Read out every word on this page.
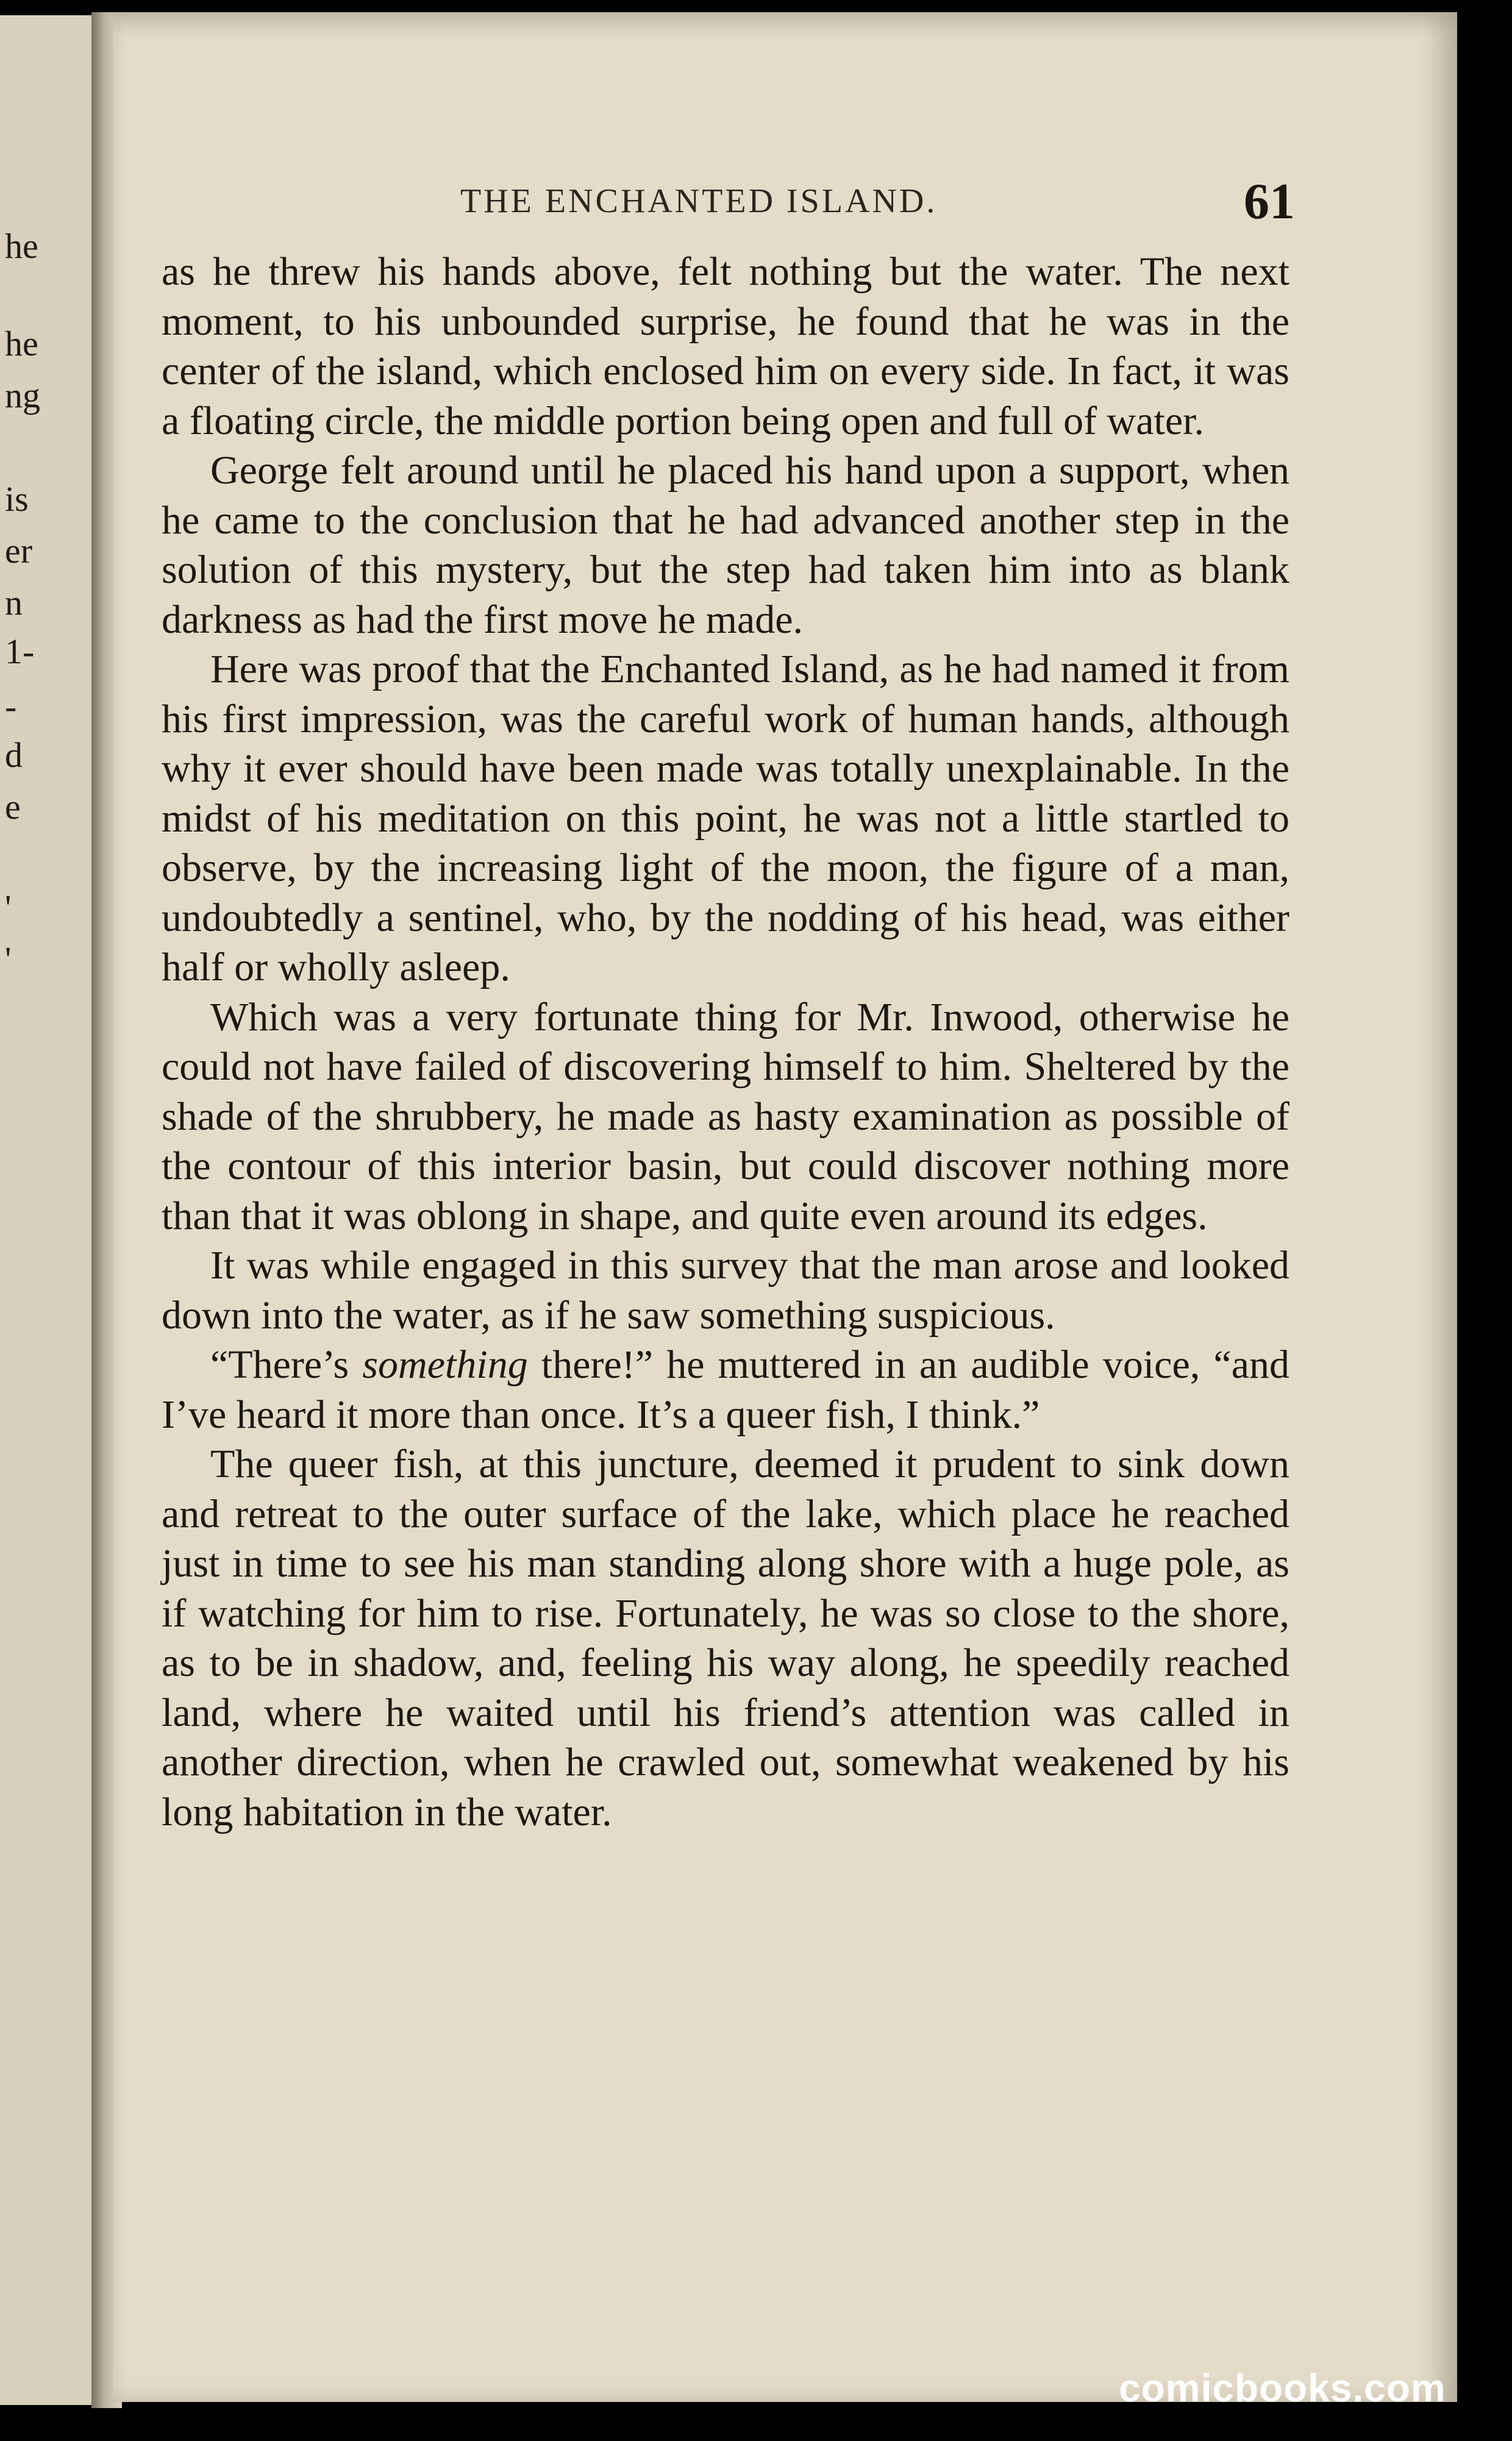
he
he
ng
is
er
n
1-
-
d
e
'
'
THE ENCHANTED ISLAND.	61

as he threw his hands above, felt nothing but the water. The next moment, to his unbounded surprise, he found that he was in the center of the island, which enclosed him on every side. In fact, it was a floating circle, the middle portion being open and full of water.

George felt around until he placed his hand upon a support, when he came to the conclusion that he had advanced another step in the solution of this mystery, but the step had taken him into as blank darkness as had the first move he made.

Here was proof that the Enchanted Island, as he had named it from his first impression, was the careful work of human hands, although why it ever should have been made was totally unexplainable. In the midst of his meditation on this point, he was not a little startled to observe, by the increasing light of the moon, the figure of a man, undoubtedly a sentinel, who, by the nodding of his head, was either half or wholly asleep.

Which was a very fortunate thing for Mr. Inwood, otherwise he could not have failed of discovering himself to him. Sheltered by the shade of the shrubbery, he made as hasty examination as possible of the contour of this interior basin, but could discover nothing more than that it was oblong in shape, and quite even around its edges.

It was while engaged in this survey that the man arose and looked down into the water, as if he saw something suspicious.

“There’s something there!” he muttered in an audible voice, “and I’ve heard it more than once. It’s a queer fish, I think.”

The queer fish, at this juncture, deemed it prudent to sink down and retreat to the outer surface of the lake, which place he reached just in time to see his man standing along shore with a huge pole, as if watching for him to rise. Fortunately, he was so close to the shore, as to be in shadow, and, feeling his way along, he speedily reached land, where he waited until his friend’s attention was called in another direction, when he crawled out, somewhat weakened by his long habitation in the water.

comicbooks.com
